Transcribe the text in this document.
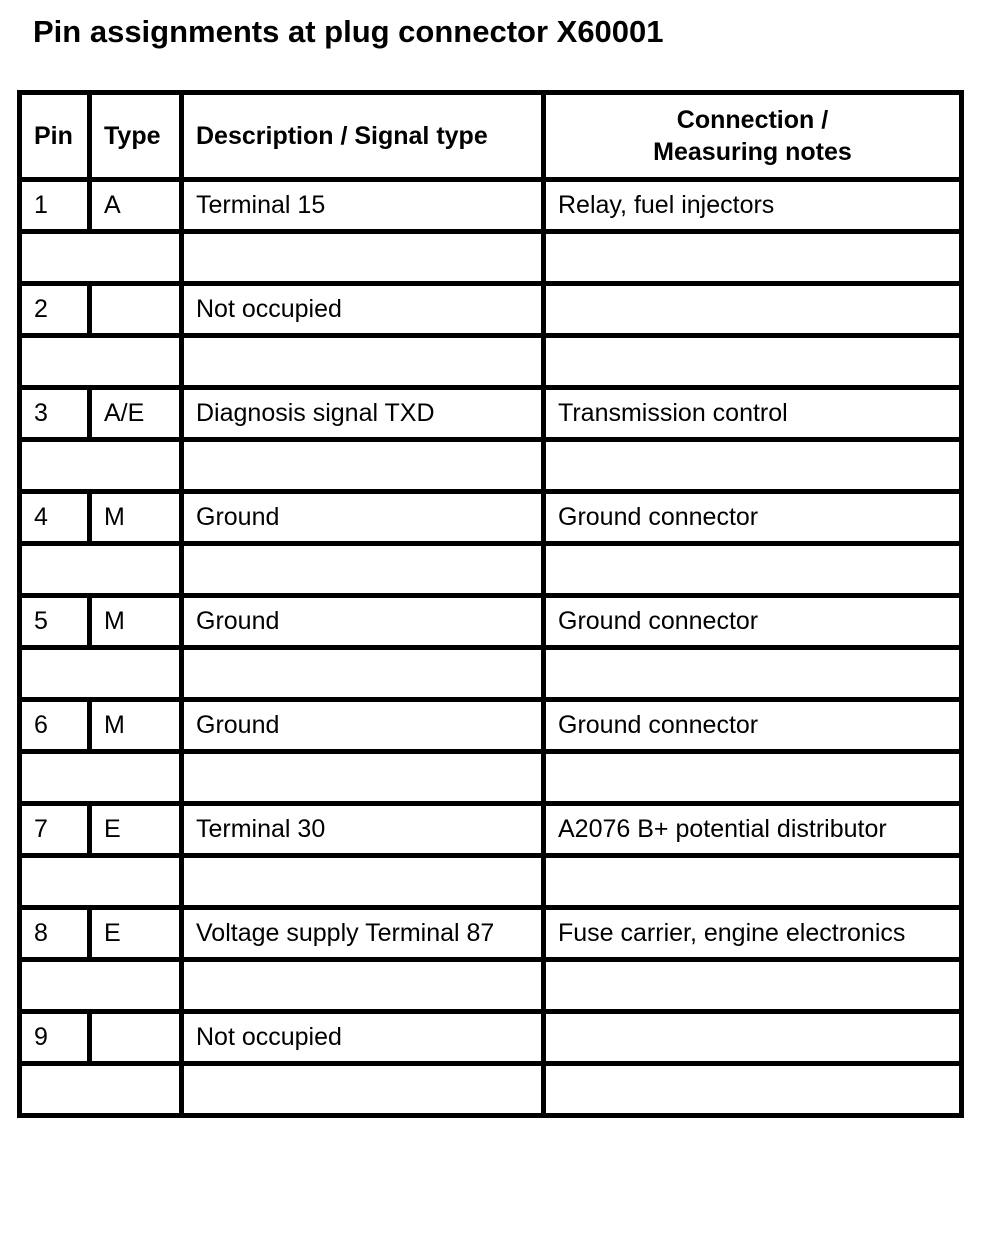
Pin assignments at plug connector X60001
Pin	Type	Description / Signal type	Connection /
Measuring notes
1	A	Terminal 15	Relay, fuel injectors

2		Not occupied	

3	A/E	Diagnosis signal TXD	Transmission control

4	M	Ground	Ground connector

5	M	Ground	Ground connector

6	M	Ground	Ground connector

7	E	Terminal 30	A2076 B+ potential distributor

8	E	Voltage supply Terminal 87	Fuse carrier, engine electronics

9		Not occupied	
